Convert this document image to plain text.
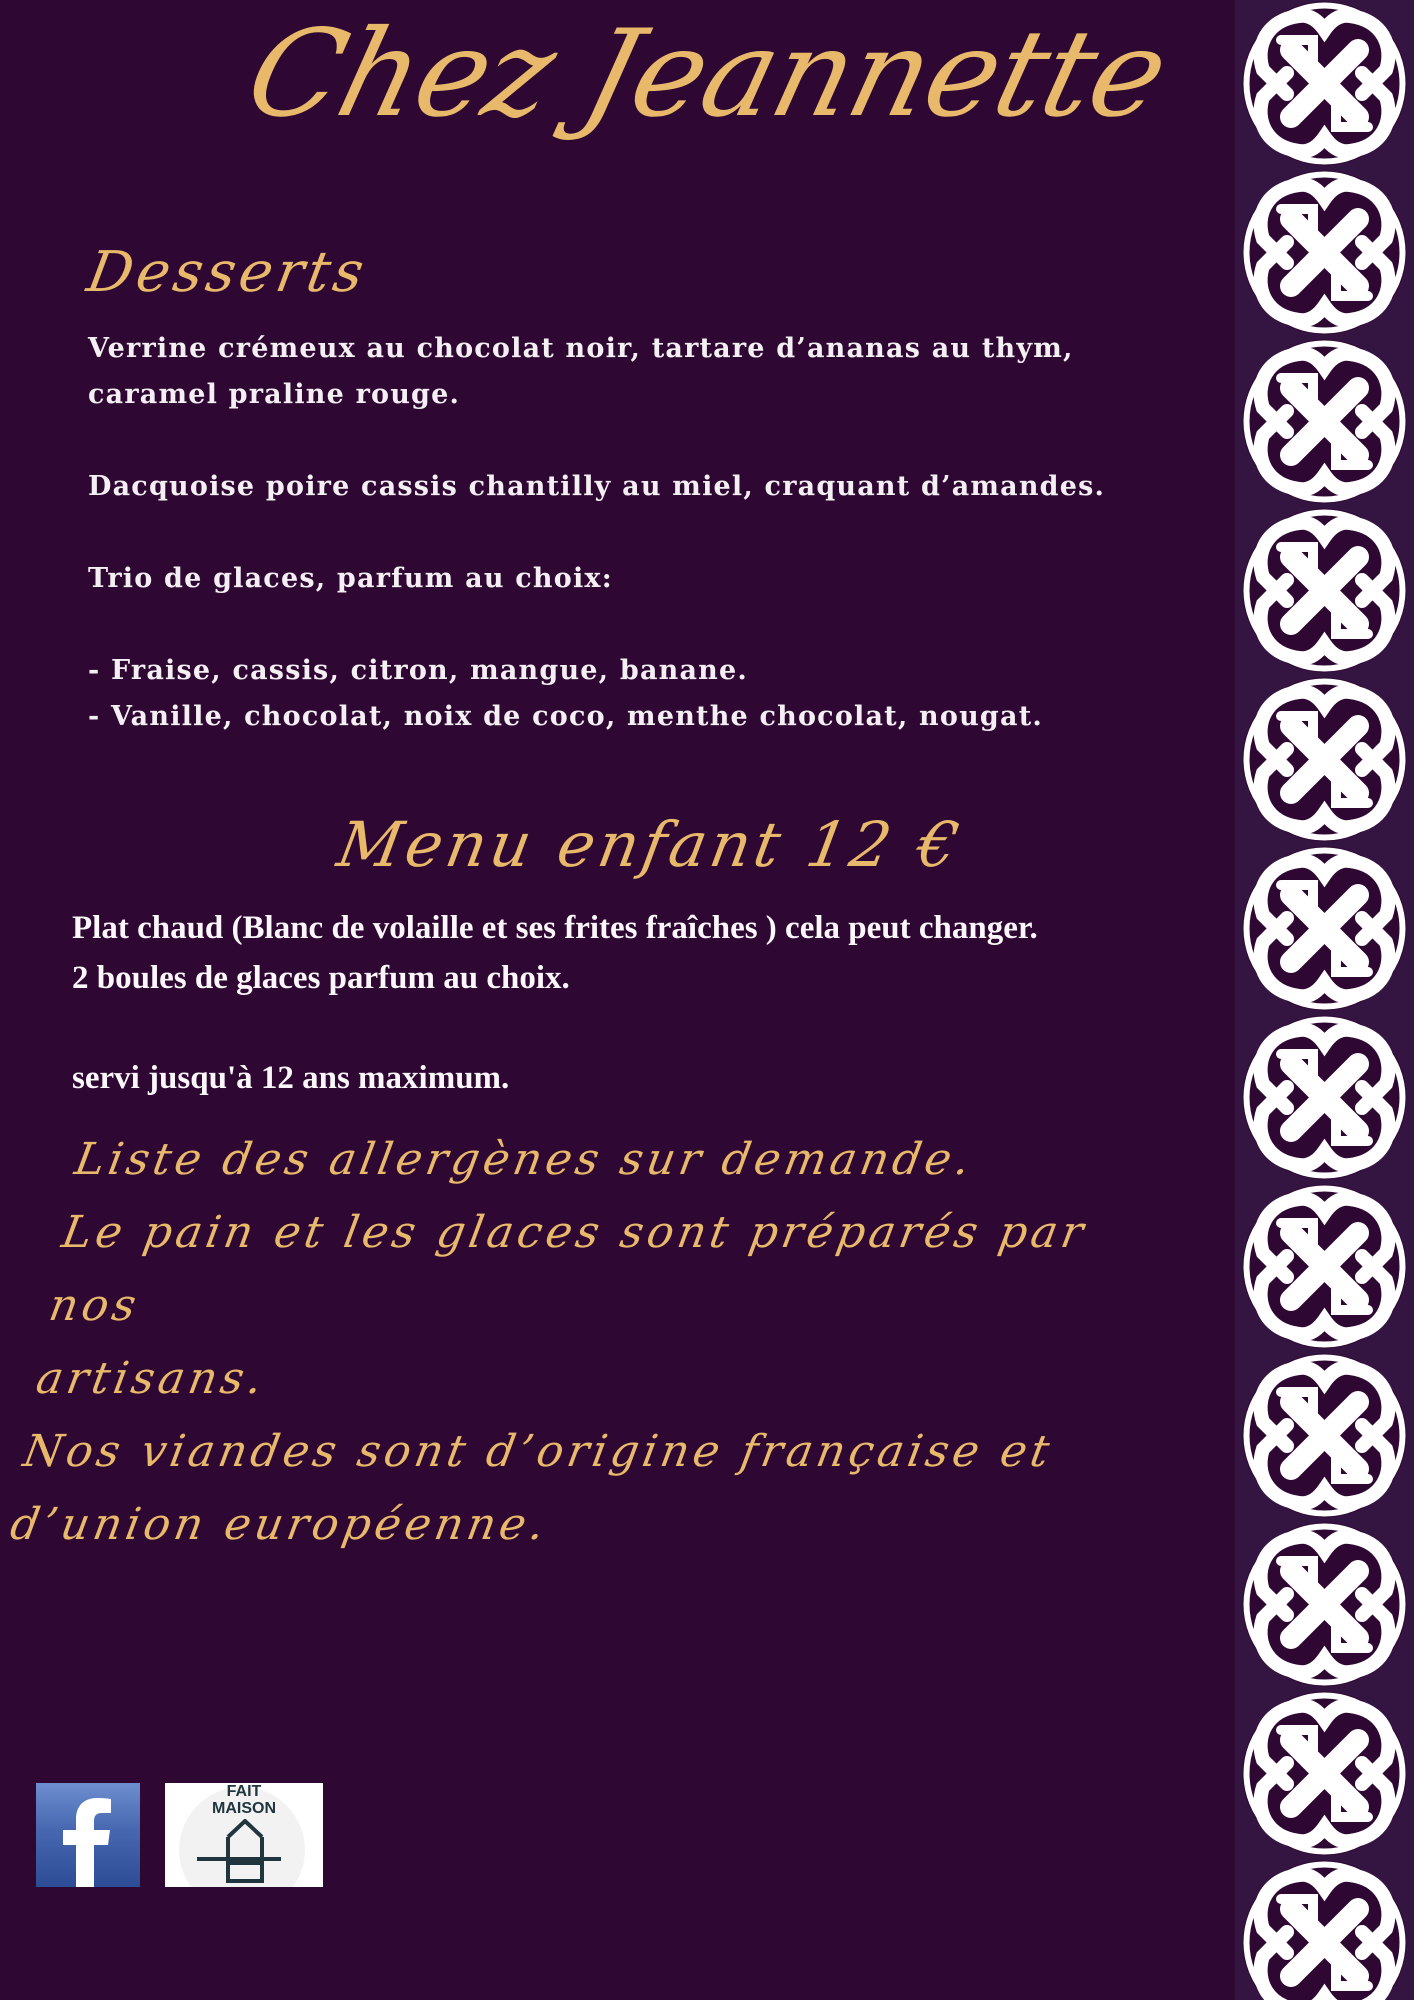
Chez Jeannette
Desserts

Verrine crémeux au chocolat noir, tartare d’ananas au thym,

caramel praline rouge.

Dacquoise poire cassis chantilly au miel, craquant d’amandes.

Trio de glaces, parfum au choix:

- Fraise, cassis, citron, mangue, banane.

- Vanille, chocolat, noix de coco, menthe chocolat, nougat.

Menu enfant 12 €

Plat chaud (Blanc de volaille et ses frites fraîches ) cela peut changer.

2 boules de glaces parfum au choix.

servi jusqu'à 12 ans maximum.

Liste des allergènes sur demande.

Le pain et les glaces sont préparés par nos

artisans.

Nos viandes sont d’origine française et

d’union européenne.

FAIT
MAISON
